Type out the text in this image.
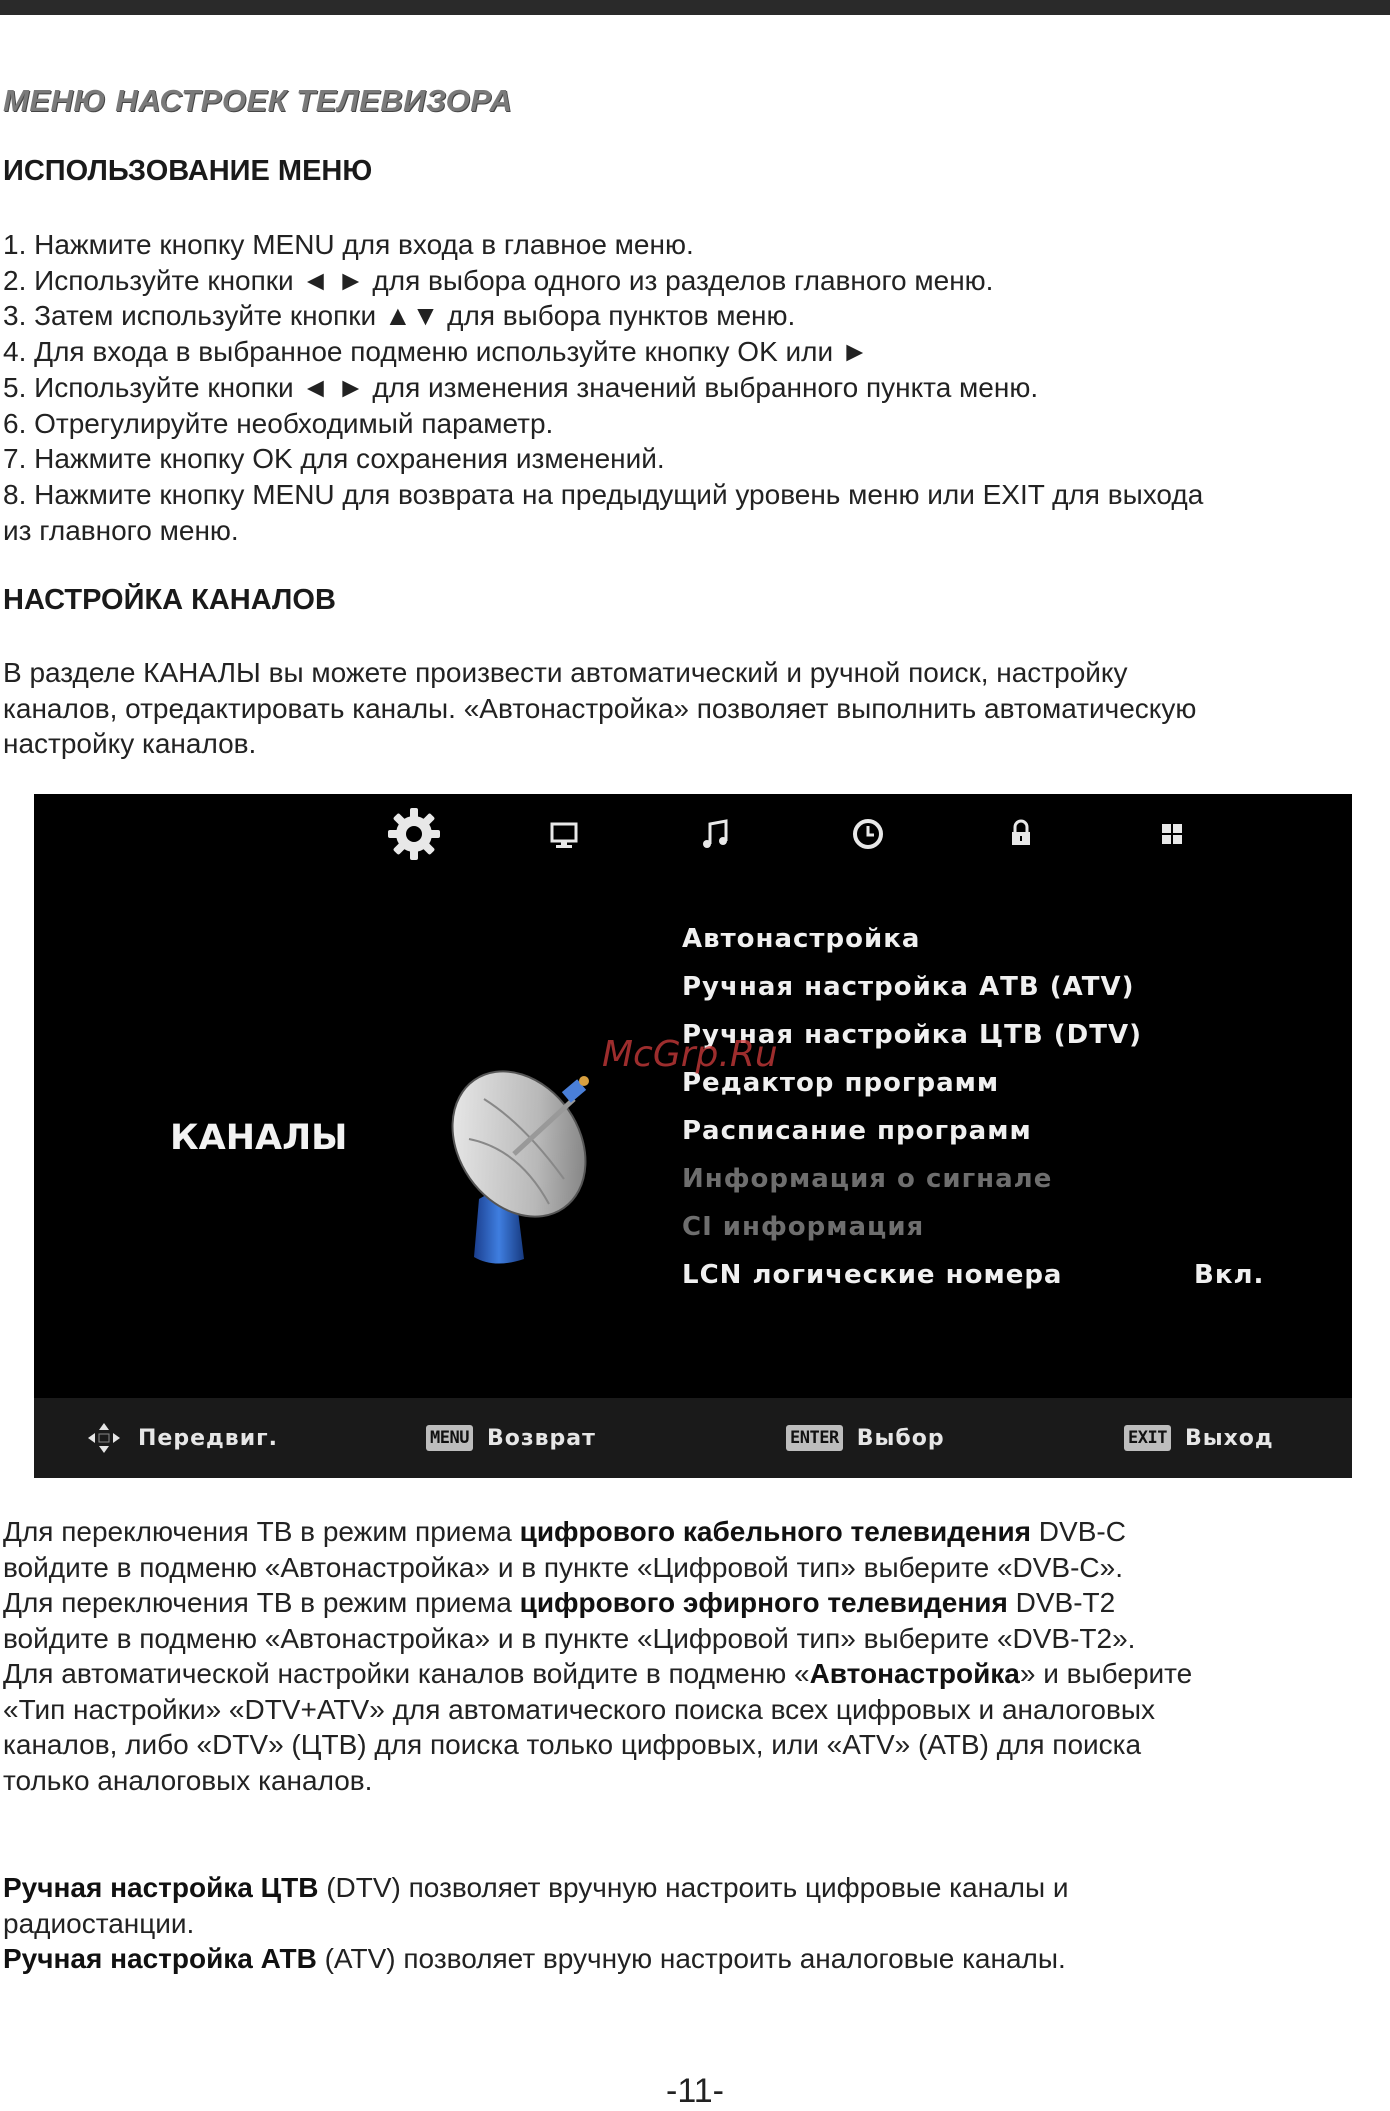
МЕНЮ НАСТРОЕК ТЕЛЕВИЗОРА
ИСПОЛЬЗОВАНИЕ МЕНЮ
1. Нажмите кнопку MENU для входа в главное меню.
2. Используйте кнопки ◄ ► для выбора одного из разделов главного меню.
3. Затем используйте кнопки ▲▼ для выбора пунктов меню.
4. Для входа в выбранное подменю используйте кнопку OK или ►
5. Используйте кнопки ◄ ► для изменения значений выбранного пункта меню.
6. Отрегулируйте необходимый параметр.
7. Нажмите кнопку OK для сохранения изменений.
8. Нажмите кнопку MENU для возврата на предыдущий уровень меню или EXIT для выхода
из главного меню.
НАСТРОЙКА КАНАЛОВ
В разделе КАНАЛЫ вы можете произвести автоматический и ручной поиск, настройку
каналов, отредактировать каналы. «Автонастройка» позволяет выполнить автоматическую
настройку каналов.
КАНАЛЫ
Автонастройка
Ручная настройка АТВ (ATV)
Ручная настройка ЦТВ (DTV)
Редактор программ
Расписание программ
Информация о сигнале
CI информация
LCN логические номера	Вкл.
McGrp.Ru
Передвиг.	MENU Возврат	ENTER Выбор	EXIT Выход
Для переключения ТВ в режим приема цифрового кабельного телевидения DVB-C
войдите в подменю «Автонастройка» и в пункте «Цифровой тип» выберите «DVB-C».
Для переключения ТВ в режим приема цифрового эфирного телевидения DVB-T2
войдите в подменю «Автонастройка» и в пункте «Цифровой тип» выберите «DVB-T2».
Для автоматической настройки каналов войдите в подменю «Автонастройка» и выберите
«Тип настройки» «DTV+ATV» для автоматического поиска всех цифровых и аналоговых
каналов, либо «DTV» (ЦТВ) для поиска только цифровых, или «ATV» (АТВ) для поиска
только аналоговых каналов.
Ручная настройка ЦТВ (DTV) позволяет вручную настроить цифровые каналы и
радиостанции.
Ручная настройка АТВ (ATV) позволяет вручную настроить аналоговые каналы.
-11-
